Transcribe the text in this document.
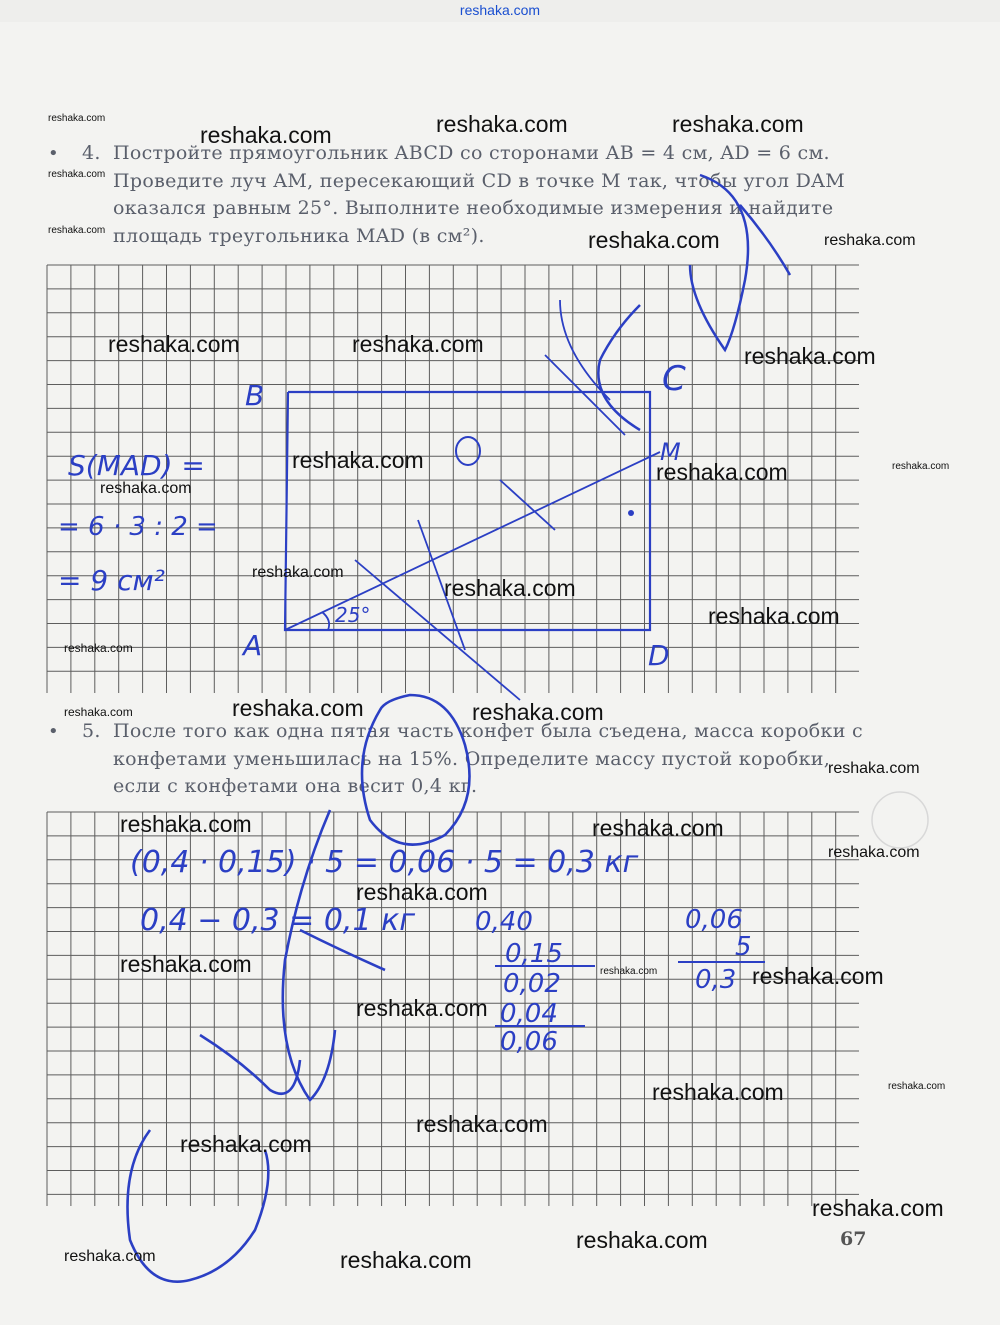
reshaka.com
• 4. Постройте прямоугольник ABCD со сторонами AB = 4 см, AD = 6 см. Проведите луч AM, пересекающий CD в точке M так, чтобы угол DAM оказался равным 25°. Выполните необходимые измерения и найдите площадь треугольника MAD (в см²).
• 5. После того как одна пятая часть конфет была съедена, масса коробки с конфетами уменьшилась на 15%. Определите массу пустой коробки, если с конфетами она весит 0,4 кг.
B	C
M
A	D
25°
S(MAD) =
= 6 · 3 : 2 =
= 9 см²
(0,4 · 0,15) · 5 = 0,06 · 5 = 0,3 кг
0,4 − 0,3 = 0,1 кг 0,40
0,15
0,02
0,04
0,06
0,06
5
0,3
reshaka.com
reshaka.com
reshaka.com
reshaka.com	reshaka.com	reshaka.com
reshaka.com	reshaka.com
reshaka.com	reshaka.com	reshaka.com
reshaka.com
reshaka.com
reshaka.com	reshaka.com
reshaka.com
reshaka.com
reshaka.com
reshaka.com
reshaka.com	reshaka.com	reshaka.com
reshaka.com
reshaka.com	reshaka.com
reshaka.com
reshaka.com
reshaka.com	reshaka.com	reshaka.com
reshaka.com
reshaka.com	reshaka.com
reshaka.com
reshaka.com
reshaka.com
reshaka.com
reshaka.com	reshaka.com
67
